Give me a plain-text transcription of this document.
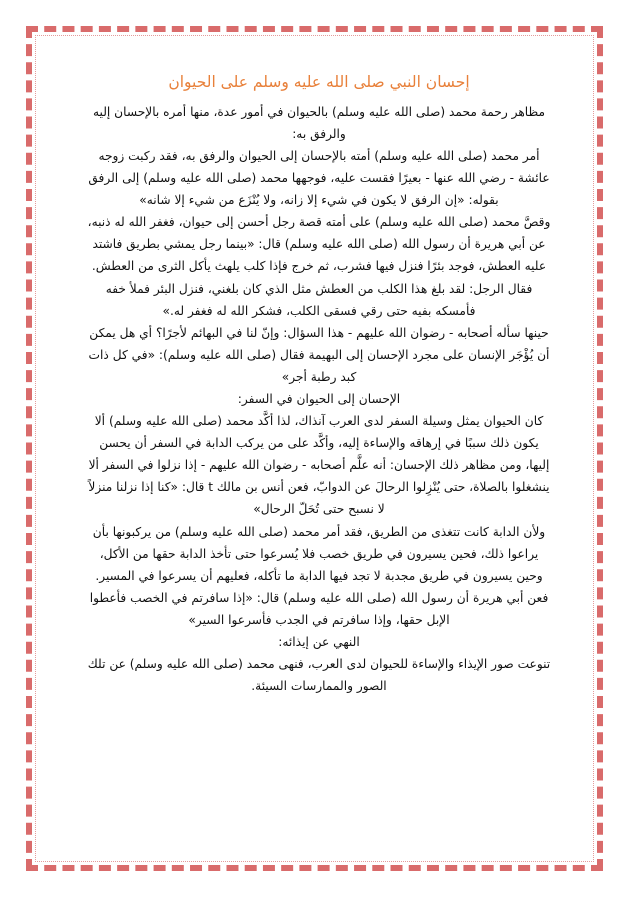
إحسان النبي صلى الله عليه وسلم على الحيوان

مظاهر رحمة محمد (صلى الله عليه وسلم) بالحيوان في أمور عدة، منها أمره بالإحسان إليه والرفق به:

أمر محمد (صلى الله عليه وسلم) أمته بالإحسان إلى الحيوان والرفق به، فقد ركبت زوجه عائشة - رضي الله عنها - بعيرًا فقست عليه، فوجهها محمد (صلى الله عليه وسلم) إلى الرفق بقوله: «إن الرفق لا يكون في شيء إلا زانه، ولا يُنْزَع من شيء إلا شانه»

وقصَّ محمد (صلى الله عليه وسلم) على أمته قصة رجل أحسن إلى حيوان، فغفر الله له ذنبه، عن أبي هريرة أن رسول الله (صلى الله عليه وسلم) قال: «بينما رجل يمشي بطريق فاشتد عليه العطش، فوجد بئرًا فنزل فيها فشرب، ثم خرج فإذا كلب يلهث يأكل الثرى من العطش. فقال الرجل: لقد بلغ هذا الكلب من العطش مثل الذي كان بلغني، فنزل البئر فملأ خفه فأمسكه بفيه حتى رقي فسقى الكلب، فشكر الله له فغفر له.»

حينها سأله أصحابه - رضوان الله عليهم - هذا السؤال: وإنّ لنا في البهائم لأجرًا؟ أي هل يمكن أن يُؤْجَر الإنسان على مجرد الإحسان إلى البهيمة فقال (صلى الله عليه وسلم): «في كل ذات كبد رطبة أجر»

الإحسان إلى الحيوان في السفر:

كان الحيوان يمثل وسيلة السفر لدى العرب آنذاك، لذا أكَّد محمد (صلى الله عليه وسلم) ألا يكون ذلك سببًا في إرهاقه والإساءة إليه، وأكَّد على من يركب الدابة في السفر أن يحسن إليها، ومن مظاهر ذلك الإحسان: أنه علَّم أصحابه - رضوان الله عليهم - إذا نزلوا في السفر ألا ينشغلوا بالصلاة، حتى يُنْزِلوا الرحالَ عن الدوابّ، فعن أنس بن مالك t قال: «كنا إذا نزلنا منزلاً لا نسبح حتى تُحَلّ الرحال»

ولأن الدابة كانت تتغذى من الطريق، فقد أمر محمد (صلى الله عليه وسلم) من يركبونها بأن يراعوا ذلك، فحين يسيرون في طريق خصب فلا يُسرعوا حتى تأخذ الدابة حقها من الأكل، وحين يسيرون في طريق مجدبة لا تجد فيها الدابة ما تأكله، فعليهم أن يسرعوا في المسير. فعن أبي هريرة أن رسول الله (صلى الله عليه وسلم) قال: «إذا سافرتم في الخصب فأعطوا الإبل حقها، وإذا سافرتم في الجدب فأسرعوا السير»

النهي عن إيذائه:

تنوعت صور الإيذاء والإساءة للحيوان لدى العرب، فنهى محمد (صلى الله عليه وسلم) عن تلك الصور والممارسات السيئة.
